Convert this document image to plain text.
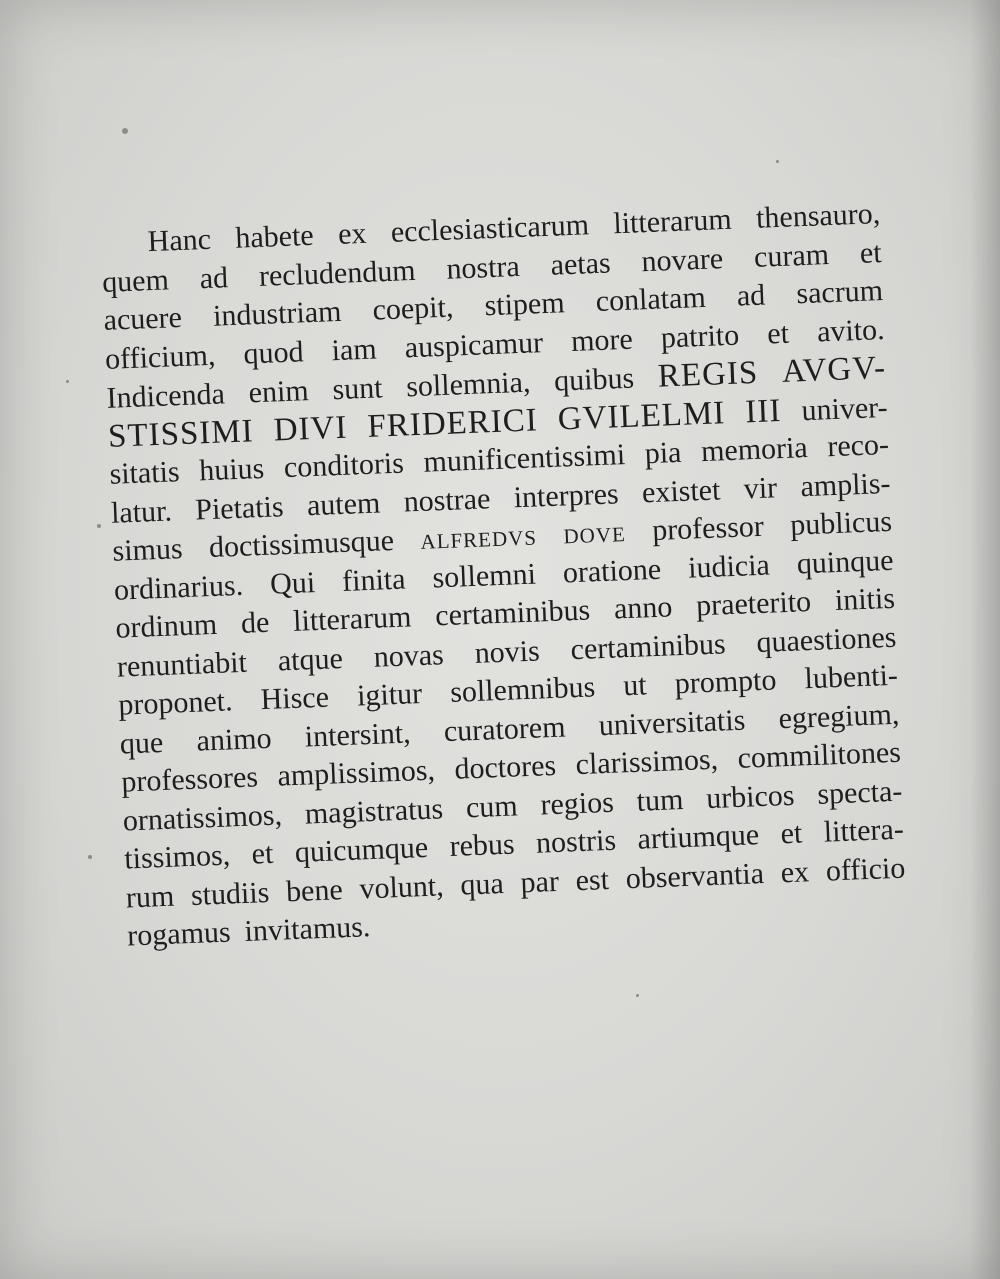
Hanc habete ex ecclesiasticarum litterarum thensauro,
quem ad recludendum nostra aetas novare curam et
acuere industriam coepit, stipem conlatam ad sacrum
officium, quod iam auspicamur more patrito et avito.
Indicenda enim sunt sollemnia, quibus REGIS AVGV-
STISSIMI DIVI FRIDERICI GVILELMI III univer-
sitatis huius conditoris munificentissimi pia memoria reco-
latur. Pietatis autem nostrae interpres existet vir amplis-
simus doctissimusque ALFREDVS DOVE professor publicus
ordinarius. Qui finita sollemni oratione iudicia quinque
ordinum de litterarum certaminibus anno praeterito initis
renuntiabit atque novas novis certaminibus quaestiones
proponet. Hisce igitur sollemnibus ut prompto lubenti-
que animo intersint, curatorem universitatis egregium,
professores amplissimos, doctores clarissimos, commilitones
ornatissimos, magistratus cum regios tum urbicos specta-
tissimos, et quicumque rebus nostris artiumque et littera-
rum studiis bene volunt, qua par est observantia ex officio
rogamus invitamus.
